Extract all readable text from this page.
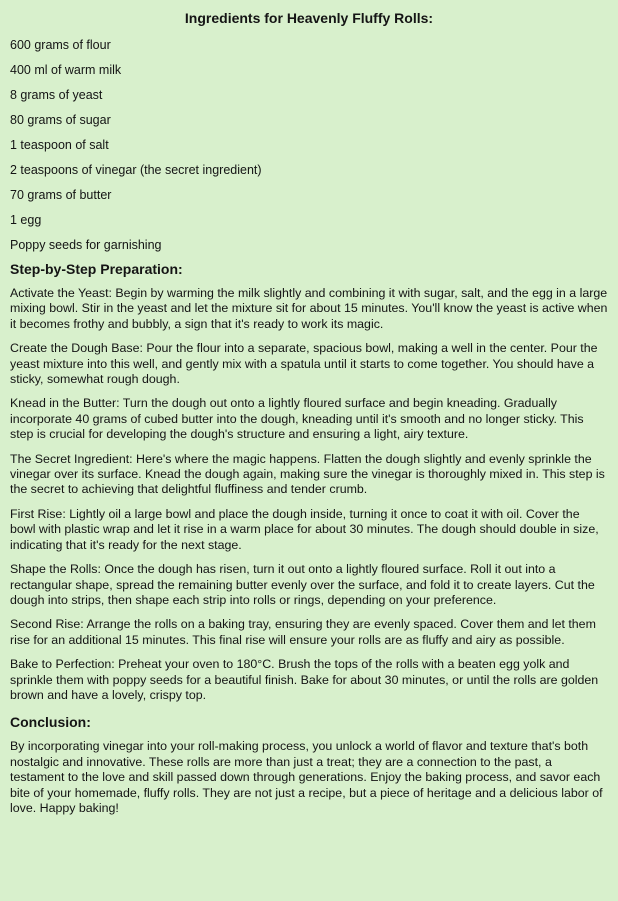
Ingredients for Heavenly Fluffy Rolls:
600 grams of flour
400 ml of warm milk
8 grams of yeast
80 grams of sugar
1 teaspoon of salt
2 teaspoons of vinegar (the secret ingredient)
70 grams of butter
1 egg
Poppy seeds for garnishing
Step-by-Step Preparation:

Activate the Yeast: Begin by warming the milk slightly and combining it with sugar, salt, and the egg in a large mixing bowl. Stir in the yeast and let the mixture sit for about 15 minutes. You'll know the yeast is active when it becomes frothy and bubbly, a sign that it's ready to work its magic.

Create the Dough Base: Pour the flour into a separate, spacious bowl, making a well in the center. Pour the yeast mixture into this well, and gently mix with a spatula until it starts to come together. You should have a sticky, somewhat rough dough.

Knead in the Butter: Turn the dough out onto a lightly floured surface and begin kneading. Gradually incorporate 40 grams of cubed butter into the dough, kneading until it's smooth and no longer sticky. This step is crucial for developing the dough's structure and ensuring a light, airy texture.

The Secret Ingredient: Here's where the magic happens. Flatten the dough slightly and evenly sprinkle the vinegar over its surface. Knead the dough again, making sure the vinegar is thoroughly mixed in. This step is the secret to achieving that delightful fluffiness and tender crumb.

First Rise: Lightly oil a large bowl and place the dough inside, turning it once to coat it with oil. Cover the bowl with plastic wrap and let it rise in a warm place for about 30 minutes. The dough should double in size, indicating that it's ready for the next stage.

Shape the Rolls: Once the dough has risen, turn it out onto a lightly floured surface. Roll it out into a rectangular shape, spread the remaining butter evenly over the surface, and fold it to create layers. Cut the dough into strips, then shape each strip into rolls or rings, depending on your preference.

Second Rise: Arrange the rolls on a baking tray, ensuring they are evenly spaced. Cover them and let them rise for an additional 15 minutes. This final rise will ensure your rolls are as fluffy and airy as possible.

Bake to Perfection: Preheat your oven to 180°C. Brush the tops of the rolls with a beaten egg yolk and sprinkle them with poppy seeds for a beautiful finish. Bake for about 30 minutes, or until the rolls are golden brown and have a lovely, crispy top.

Conclusion:

By incorporating vinegar into your roll-making process, you unlock a world of flavor and texture that's both nostalgic and innovative. These rolls are more than just a treat; they are a connection to the past, a testament to the love and skill passed down through generations. Enjoy the baking process, and savor each bite of your homemade, fluffy rolls. They are not just a recipe, but a piece of heritage and a delicious labor of love. Happy baking!
